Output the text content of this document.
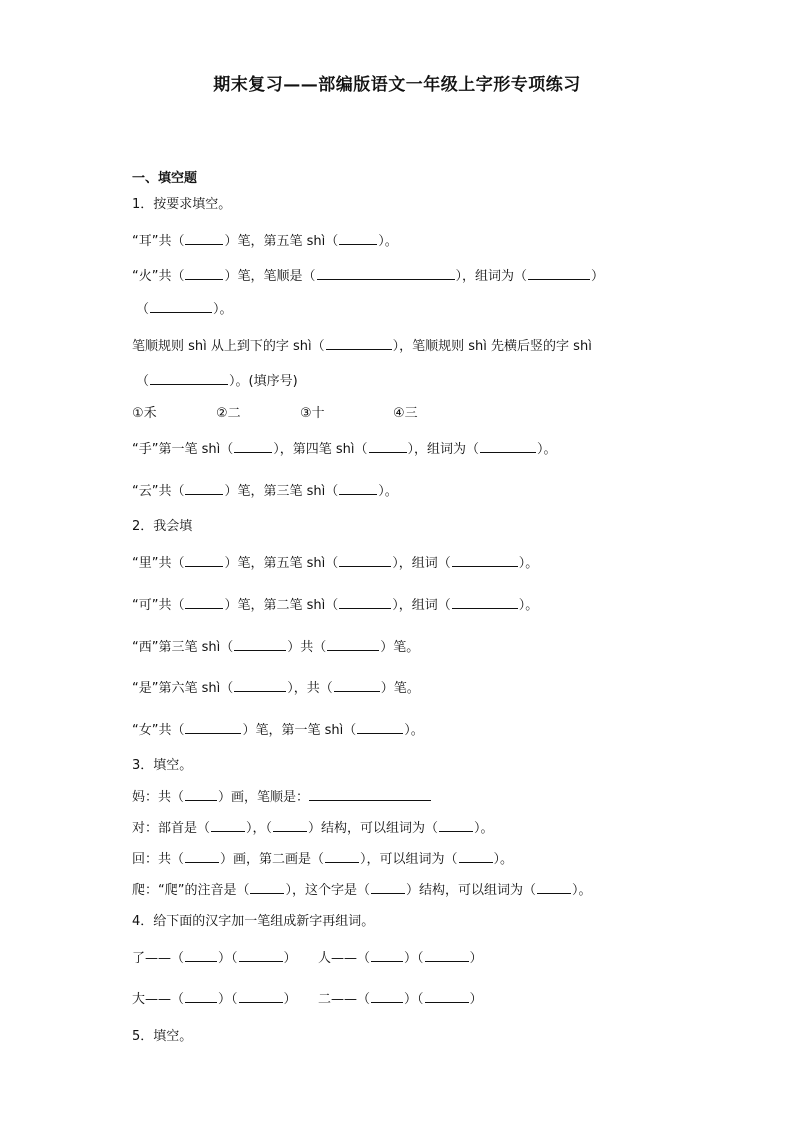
期末复习——部编版语文一年级上字形专项练习
一、填空题
1．按要求填空。
“耳”共（	）笔，第五笔 shì（	）。
“火”共（	）笔，笔顺是（	），组词为（	）
（	）。
笔顺规则 shì 从上到下的字 shì（	），笔顺规则 shì 先横后竖的字 shì
（	）。(填序号)
①禾	②二	③十	④三
“手”第一笔 shì（	），第四笔 shì（	），组词为（	）。
“云”共（	）笔，第三笔 shì（	）。
2．我会填
“里”共（	）笔，第五笔 shì（	），组词（	）。
“可”共（	）笔，第二笔 shì（	），组词（	）。
“西”第三笔 shì（	）共（	）笔。
“是”第六笔 shì（	），共（	）笔。
“女”共（	）笔，第一笔 shì（	）。
3．填空。
妈：共（	）画，笔顺是：
对：部首是（	），（	）结构，可以组词为（	）。
回：共（	）画，第二画是（	），可以组词为（	）。
爬：“爬”的注音是（	），这个字是（	）结构，可以组词为（	）。
4．给下面的汉字加一笔组成新字再组词。
了——（	）（	） 人——（	）（	）
大——（	）（	） 二——（	）（	）
5．填空。
